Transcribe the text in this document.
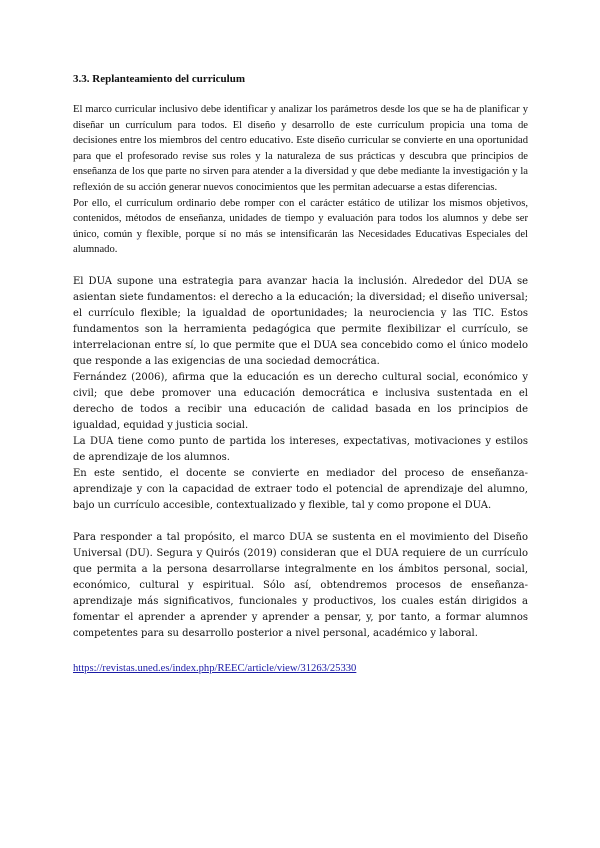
3.3. Replanteamiento del curriculum

El marco curricular inclusivo debe identificar y analizar los parámetros desde los que se ha de planificar y diseñar un currículum para todos. El diseño y desarrollo de este currículum propicia una toma de decisiones entre los miembros del centro educativo. Este diseño curricular se convierte en una oportunidad para que el profesorado revise sus roles y la naturaleza de sus prácticas y descubra que principios de enseñanza de los que parte no sirven para atender a la diversidad y que debe mediante la investigación y la reflexión de su acción generar nuevos conocimientos que les permitan adecuarse a estas diferencias.

Por ello, el currículum ordinario debe romper con el carácter estático de utilizar los mismos objetivos, contenidos, métodos de enseñanza, unidades de tiempo y evaluación para todos los alumnos y debe ser único, común y flexible, porque sí no más se intensificarán las Necesidades Educativas Especiales del alumnado.

El DUA supone una estrategia para avanzar hacia la inclusión. Alrededor del DUA se asientan siete fundamentos: el derecho a la educación; la diversidad; el diseño universal; el currículo flexible; la igualdad de oportunidades; la neurociencia y las TIC. Estos fundamentos son la herramienta pedagógica que permite flexibilizar el currículo, se interrelacionan entre sí, lo que permite que el DUA sea concebido como el único modelo que responde a las exigencias de una sociedad democrática.

Fernández (2006), afirma que la educación es un derecho cultural social, económico y civil; que debe promover una educación democrática e inclusiva sustentada en el derecho de todos a recibir una educación de calidad basada en los principios de igualdad, equidad y justicia social.

La DUA tiene como punto de partida los intereses, expectativas, motivaciones y estilos de aprendizaje de los alumnos.

En este sentido, el docente se convierte en mediador del proceso de enseñanza-aprendizaje y con la capacidad de extraer todo el potencial de aprendizaje del alumno, bajo un currículo accesible, contextualizado y flexible, tal y como propone el DUA.

Para responder a tal propósito, el marco DUA se sustenta en el movimiento del Diseño Universal (DU). Segura y Quirós (2019) consideran que el DUA requiere de un currículo que permita a la persona desarrollarse integralmente en los ámbitos personal, social, económico, cultural y espiritual. Sólo así, obtendremos procesos de enseñanza-aprendizaje más significativos, funcionales y productivos, los cuales están dirigidos a fomentar el aprender a aprender y aprender a pensar, y, por tanto, a formar alumnos competentes para su desarrollo posterior a nivel personal, académico y laboral.

https://revistas.uned.es/index.php/REEC/article/view/31263/25330
